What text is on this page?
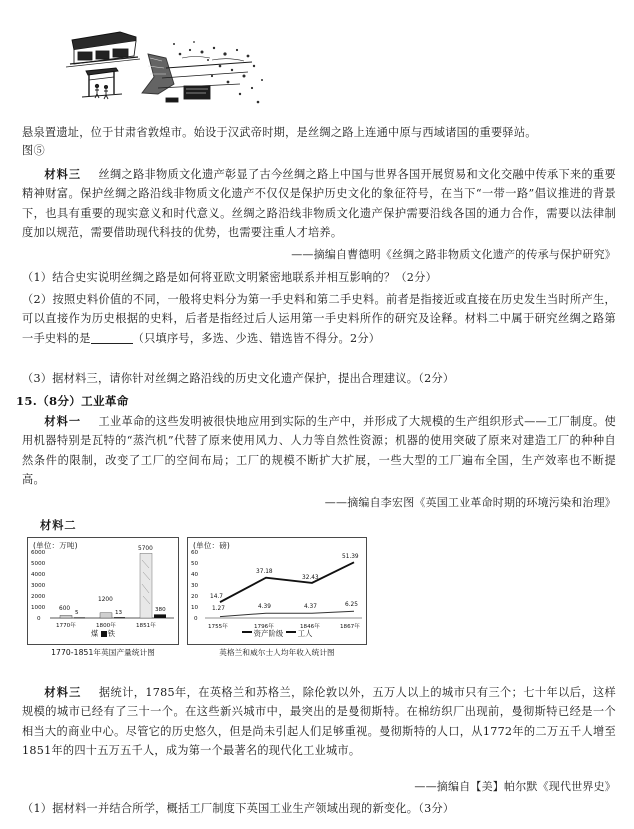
悬泉置遗址，位于甘肃省敦煌市。始设于汉武帝时期，是丝绸之路上连通中原与西域诸国的重要驿站。
图⑤
材料三 丝绸之路非物质文化遗产彰显了古今丝绸之路上中国与世界各国开展贸易和文化交融中传承下来的重要精神财富。保护丝绸之路沿线非物质文化遗产不仅仅是保护历史文化的象征符号，在当下“一带一路”倡议推进的背景下，也具有重要的现实意义和时代意义。丝绸之路沿线非物质文化遗产保护需要沿线各国的通力合作，需要以法律制度加以规范，需要借助现代科技的优势，也需要注重人才培养。
——摘编自曹德明《丝绸之路非物质文化遗产的传承与保护研究》
（1）结合史实说明丝绸之路是如何将亚欧文明紧密地联系并相互影响的？（2分）
（2）按照史料价值的不同，一般将史料分为第一手史料和第二手史料。前者是指接近或直接在历史发生当时所产生，可以直接作为历史根据的史料，后者是指经过后人运用第一手史料所作的研究及诠释。材料二中属于研究丝绸之路第一手史料的是	（只填序号，多选、少选、错选皆不得分。2分）
（3）据材料三，请你针对丝绸之路沿线的历史文化遗产保护，提出合理建议。（2分）
15.（8分）工业革命
材料一 工业革命的这些发明被很快地应用到实际的生产中，并形成了大规模的生产组织形式——工厂制度。使用机器特别是瓦特的“蒸汽机”代替了原来使用风力、人力等自然性资源；机器的使用突破了原来对建造工厂的种种自然条件的限制，改变了工厂的空间布局；工厂的规模不断扩大扩展，一些大型的工厂遍布全国，生产效率也不断提高。
——摘编自李宏图《英国工业革命时期的环境污染和治理》
材料二
(单位：万吨)
6000
5000
4000
3000
2000
1000
0
600
5
1770年
1200
13
1800年
5700
380
1851年
煤 铁
1770-1851年英国产量统计图
(单位：磅)
60
50
40
30
20
10
0
14.7
37.18
32.43
51.39
1.27	4.39	4.37	6.25
1755年	1796年	1846年	1867年
资产阶级 工人
英格兰和威尔士人均年收入统计图
材料三 据统计，1785年，在英格兰和苏格兰，除伦敦以外，五万人以上的城市只有三个；七十年以后，这样规模的城市已经有了三十一个。在这些新兴城市中，最突出的是曼彻斯特。在棉纺织厂出现前，曼彻斯特已经是一个相当大的商业中心。尽管它的历史悠久，但是尚未引起人们足够重视。曼彻斯特的人口，从1772年的二万五千人增至1851年的四十五万五千人，成为第一个最著名的现代化工业城市。
——摘编自【美】帕尔默《现代世界史》
（1）据材料一并结合所学，概括工厂制度下英国工业生产领域出现的新变化。（3分）
